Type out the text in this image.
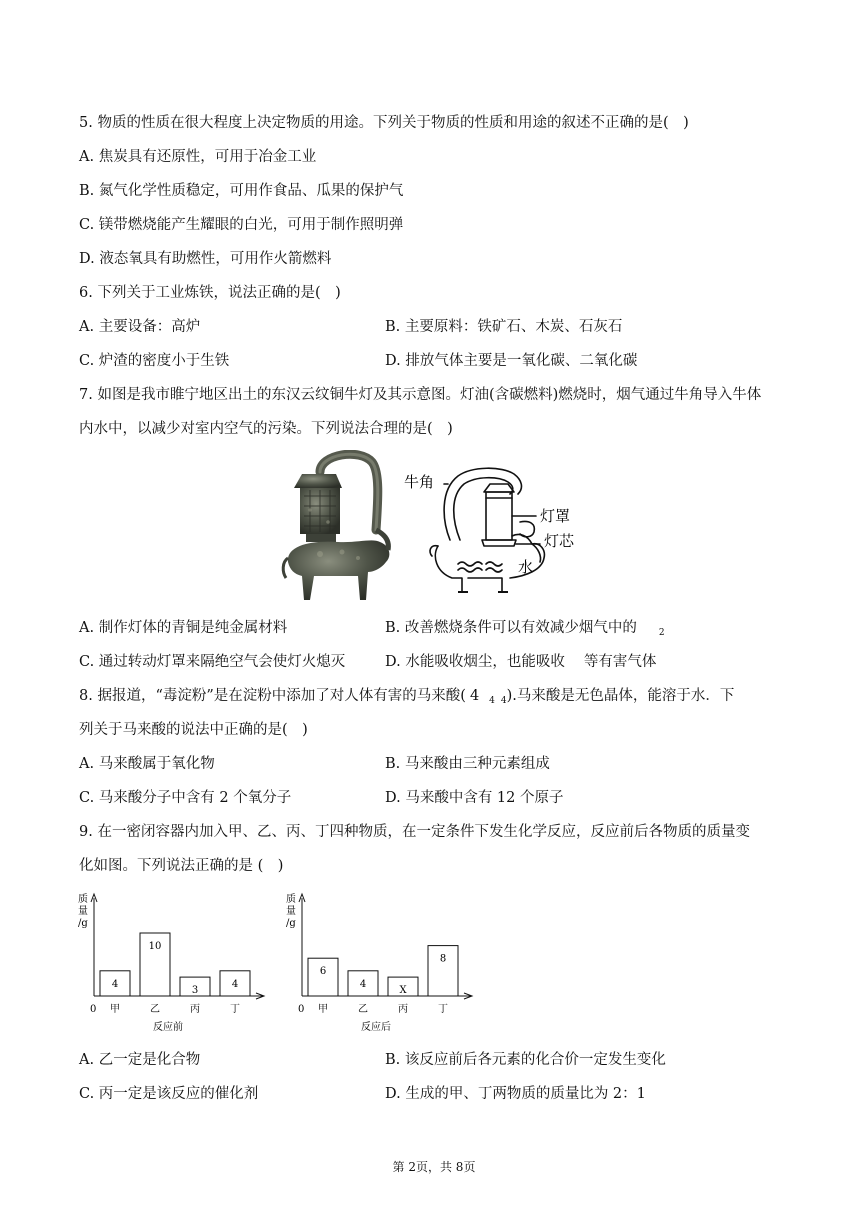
5. 物质的性质在很大程度上决定物质的用途。下列关于物质的性质和用途的叙述不正确的是(　)
A. 焦炭具有还原性，可用于冶金工业
B. 氮气化学性质稳定，可用作食品、瓜果的保护气
C. 镁带燃烧能产生耀眼的白光，可用于制作照明弹
D. 液态氧具有助燃性，可用作火箭燃料
6. 下列关于工业炼铁，说法正确的是(　)
A. 主要设备：高炉	B. 主要原料：铁矿石、木炭、石灰石
C. 炉渣的密度小于生铁	D. 排放气体主要是一氧化碳、二氧化碳
7. 如图是我市睢宁地区出土的东汉云纹铜牛灯及其示意图。灯油(含碳燃料)燃烧时，烟气通过牛角导入牛体
内水中，以减少对室内空气的污染。下列说法合理的是(　)
牛角
灯罩
灯芯
水
A. 制作灯体的青铜是纯金属材料	B. 改善燃烧条件可以有效减少烟气中的 $_2$
C. 通过转动灯罩来隔绝空气会使灯火熄灭	D. 水能吸收烟尘，也能吸收　 等有害气体
8. 据报道，“毒淀粉”是在淀粉中添加了对人体有害的马来酸( 4 $_4$ $_4$).马来酸是无色晶体，能溶于水．下
列关于马来酸的说法中正确的是(　)
A. 马来酸属于氧化物	B. 马来酸由三种元素组成
C. 马来酸分子中含有 2 个氧分子	D. 马来酸中含有 12 个原子
9. 在一密闭容器内加入甲、乙、丙、丁四种物质，在一定条件下发生化学反应，反应前后各物质的质量变
化如图。下列说法正确的是 (　)
质
量
/g
0
4
甲
10
乙
3
丙
4
丁
反应前
质
量
/g
0
6
甲
4
乙
X
丙
8
丁
反应后
A. 乙一定是化合物	B. 该反应前后各元素的化合价一定发生变化
C. 丙一定是该反应的催化剂	D. 生成的甲、丁两物质的质量比为 2：1
第 2页，共 8页
